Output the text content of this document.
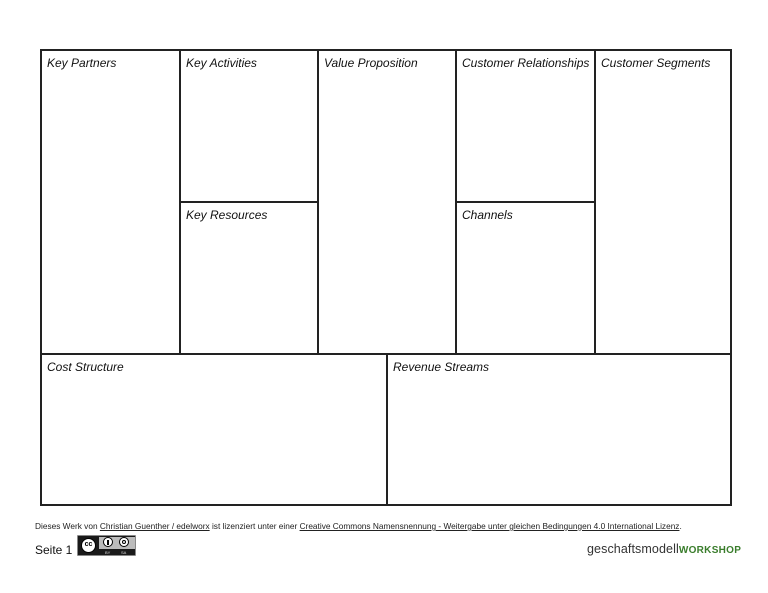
Key Partners	Key Activities
Key Resources
Value Proposition	Customer Relationships
Channels
Customer Segments
Cost Structure	Revenue Streams
Dieses Werk von Christian Guenther / edelworx ist lizenziert unter einer Creative Commons Namensnennung - Weitergabe unter gleichen Bedingungen 4.0 International Lizenz.
Seite 1	cc
BY	SA	geschaftsmodellWORKSHOP
